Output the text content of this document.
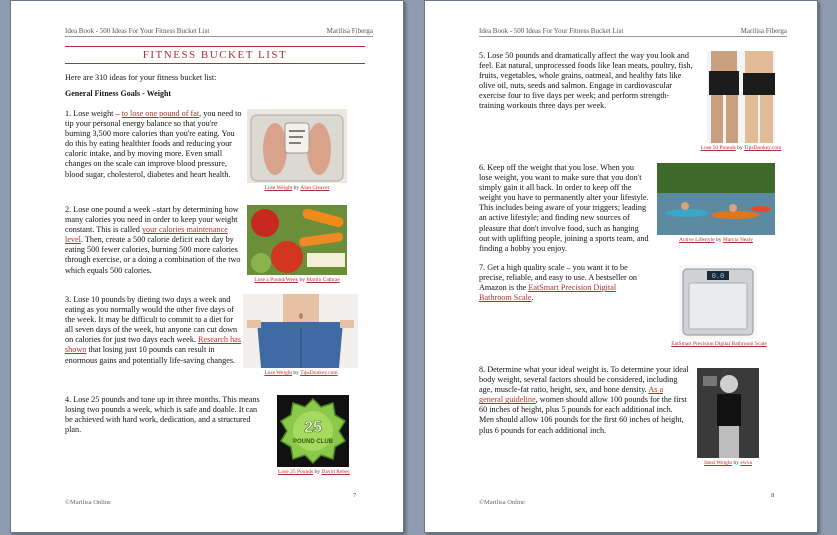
Idea Book - 500 Ideas For Your Fitness Bucket List	Marilisa Fiberga
FITNESS BUCKET LIST
Here are 310 ideas for your fitness bucket list:
General Fitness Goals - Weight
1. Lose weight – to lose one pound of fat, you need to tip your personal energy balance so that you're burning 3,500 more calories than you're eating. You do this by eating healthier foods and reducing your caloric intake, and by moving more. Even small changes on the scale can improve blood pressure, blood sugar, cholesterol, diabetes and heart health.
Lose Weight by Alan Cleaver
2. Lose one pound a week –start by determining how many calories you need in order to keep your weight constant. This is called your calories maintenance level. Then, create a 500 calorie deficit each day by eating 500 fewer calories, burning 500 more calories through exercise, or a doing a combination of the two which equals 500 calories.
Lose a Pound/Week by Martin Cathrae
3. Lose 10 pounds by dieting two days a week and eating as you normally would the other five days of the week. It may be difficult to commit to a diet for all seven days of the week, but anyone can cut down on calories for just two days each week. Research has shown that losing just 10 pounds can result in enormous gains and potentially life-saving changes.
Lose Weight by TipsDonkey.com
4. Lose 25 pounds and tone up in three months. This means losing two pounds a week, which is safe and doable. It can be achieved with hard work, dedication, and a structured plan.	25
POUND CLUB
Lose 25 Pounds by David Rebec
7
©Marilisa Online
Idea Book - 500 Ideas For Your Fitness Bucket List	Marilisa Fiberga
5. Lose 50 pounds and dramatically affect the way you look and feel. Eat natural, unprocessed foods like lean meats, poultry, fish, fruits, vegetables, whole grains, oatmeal, and healthy fats like olive oil, nuts, seeds and salmon. Engage in cardiovascular exercise four to five days per week; and perform strength-training workouts three days per week.
Lose 50 Pounds by TipsDonkey.com
6. Keep off the weight that you lose. When you lose weight, you want to make sure that you don't simply gain it all back. In order to keep off the weight you have to permanently alter your lifestyle. This includes being aware of your triggers; leading an active lifestyle; and finding new sources of pleasure that don't involve food, such as hanging out with uplifting people, joining a sports team, and finding a hobby you enjoy.
Active Lifestyle by Marcia Nealy
7. Get a high quality scale – you want it to be precise, reliable, and easy to use. A bestseller on Amazon is the EatSmart Precision Digital Bathroom Scale.
0.0
EatSmart Precision Digital Bathroom Scale
8. Determine what your ideal weight is. To determine your ideal body weight, several factors should be considered, including age, muscle-fat ratio, height, sex, and bone density. As a general guideline, women should allow 100 pounds for the first 60 inches of height, plus 5 pounds for each additional inch. Men should allow 106 pounds for the first 60 inches of height, plus 6 pounds for each additional inch.
Ideal Weight by ewva
8
©Marilisa Online
